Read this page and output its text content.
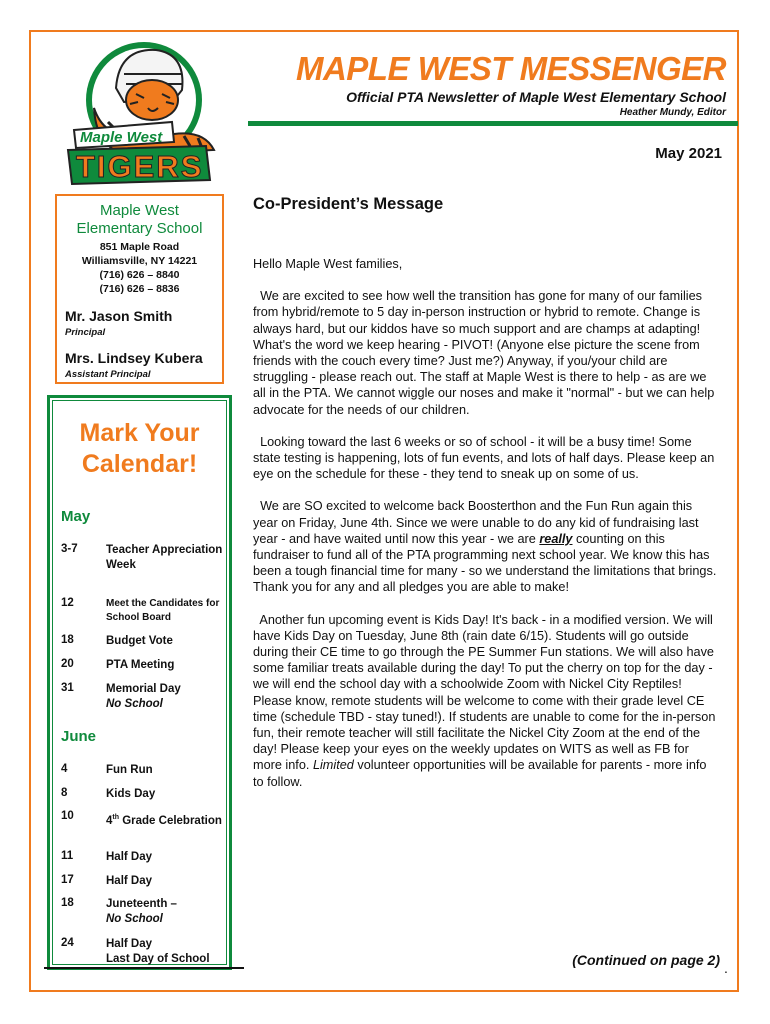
Maple West
TIGERS
MAPLE WEST MESSENGER
Official PTA Newsletter of Maple West Elementary School
Heather Mundy, Editor
May 2021
Maple West
Elementary School
851 Maple Road
Williamsville, NY 14221
(716) 626 – 8840
(716) 626 – 8836
Mr. Jason Smith
Principal
Mrs. Lindsey Kubera
Assistant Principal
Mark Your
Calendar!
May
3-7	Teacher Appreciation Week
12	Meet the Candidates for School Board
18	Budget Vote
20	PTA Meeting
31	Memorial Day
No School
June
4	Fun Run
8	Kids Day
10	4th Grade Celebration
11	Half Day
17	Half Day
18	Juneteenth –
No School
24	Half Day
Last Day of School
Co-President’s Message

Hello Maple West families,

We are excited to see how well the transition has gone for many of our families from hybrid/remote to 5 day in-person instruction or hybrid to remote. Change is always hard, but our kiddos have so much support and are champs at adapting! What's the word we keep hearing - PIVOT! (Anyone else picture the scene from friends with the couch every time? Just me?) Anyway, if you/your child are struggling - please reach out. The staff at Maple West is there to help - as are we all in the PTA. We cannot wiggle our noses and make it "normal" - but we can help advocate for the needs of our children.

Looking toward the last 6 weeks or so of school - it will be a busy time! Some state testing is happening, lots of fun events, and lots of half days. Please keep an eye on the schedule for these - they tend to sneak up on some of us.

We are SO excited to welcome back Boosterthon and the Fun Run again this year on Friday, June 4th. Since we were unable to do any kid of fundraising last year - and have waited until now this year - we are really counting on this fundraiser to fund all of the PTA programming next school year. We know this has been a tough financial time for many - so we understand the limitations that brings. Thank you for any and all pledges you are able to make!

Another fun upcoming event is Kids Day! It's back - in a modified version. We will have Kids Day on Tuesday, June 8th (rain date 6/15). Students will go outside during their CE time to go through the PE Summer Fun stations. We will also have some familiar treats available during the day! To put the cherry on top for the day - we will end the school day with a schoolwide Zoom with Nickel City Reptiles! Please know, remote students will be welcome to come with their grade level CE time (schedule TBD - stay tuned!). If students are unable to come for the in-person fun, their remote teacher will still facilitate the Nickel City Zoom at the end of the day! Please keep your eyes on the weekly updates on WITS as well as FB for more info. Limited volunteer opportunities will be available for parents - more info to follow.

(Continued on page 2) .
